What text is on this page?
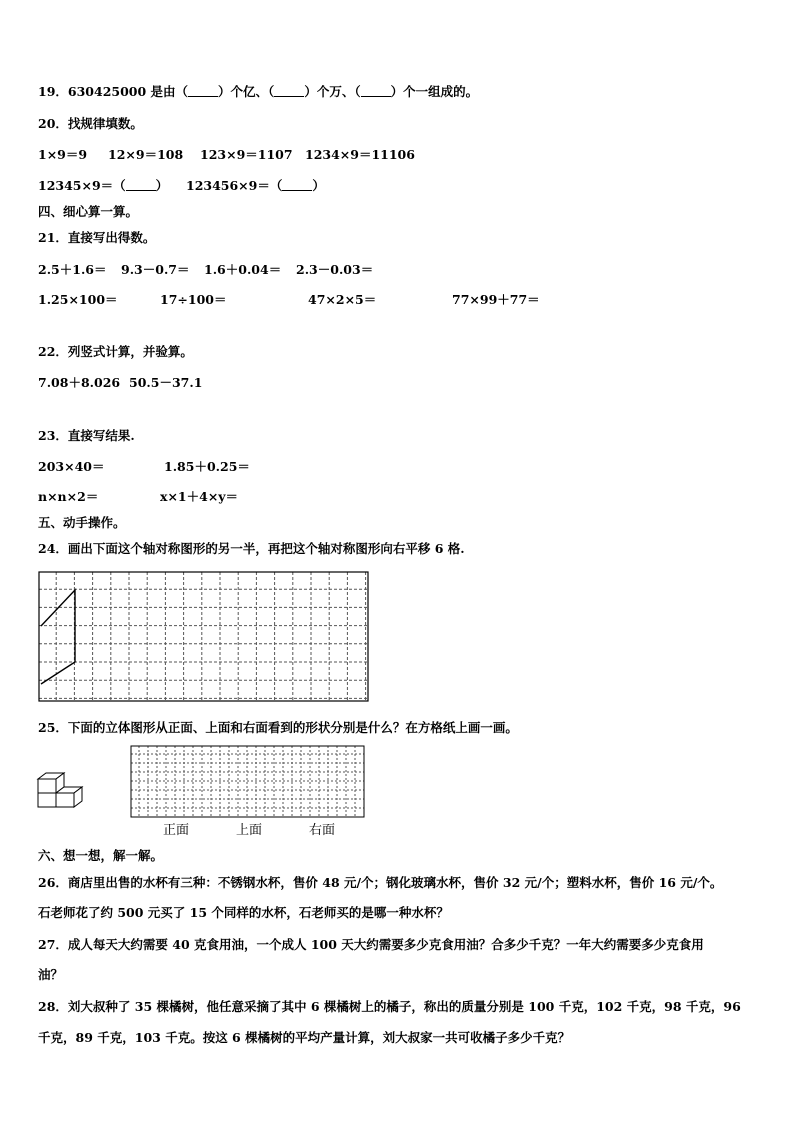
19．630425000 是由（ ）个亿、（ ）个万、（ ）个一组成的。
20．找规律填数。
1×9＝9 12×9＝108 123×9＝1107 1234×9＝11106
12345×9＝（ ） 123456×9＝（ ）
四、细心算一算。
21．直接写出得数。
2.5＋1.6＝ 9.3－0.7＝ 1.6＋0.04＝ 2.3－0.03＝
1.25×100＝	17÷100＝	47×2×5＝	77×99＋77＝
22．列竖式计算，并验算。
7.08＋8.026 50.5－37.1
23．直接写结果.
203×40＝	1.85＋0.25＝
n×n×2＝	x×1＋4×y＝
五、动手操作。
24．画出下面这个轴对称图形的另一半，再把这个轴对称图形向右平移 6 格.
25．下面的立体图形从正面、上面和右面看到的形状分别是什么？在方格纸上画一画。
正面	上面	右面
六、想一想，解一解。
26．商店里出售的水杯有三种：不锈钢水杯，售价 48 元/个；钢化玻璃水杯，售价 32 元/个；塑料水杯，售价 16 元/个。
石老师花了约 500 元买了 15 个同样的水杯，石老师买的是哪一种水杯？
27．成人每天大约需要 40 克食用油，一个成人 100 天大约需要多少克食用油？合多少千克？一年大约需要多少克食用
油？
28．刘大叔种了 35 棵橘树，他任意采摘了其中 6 棵橘树上的橘子，称出的质量分别是 100 千克，102 千克，98 千克，96
千克，89 千克，103 千克。按这 6 棵橘树的平均产量计算，刘大叔家一共可收橘子多少千克？
